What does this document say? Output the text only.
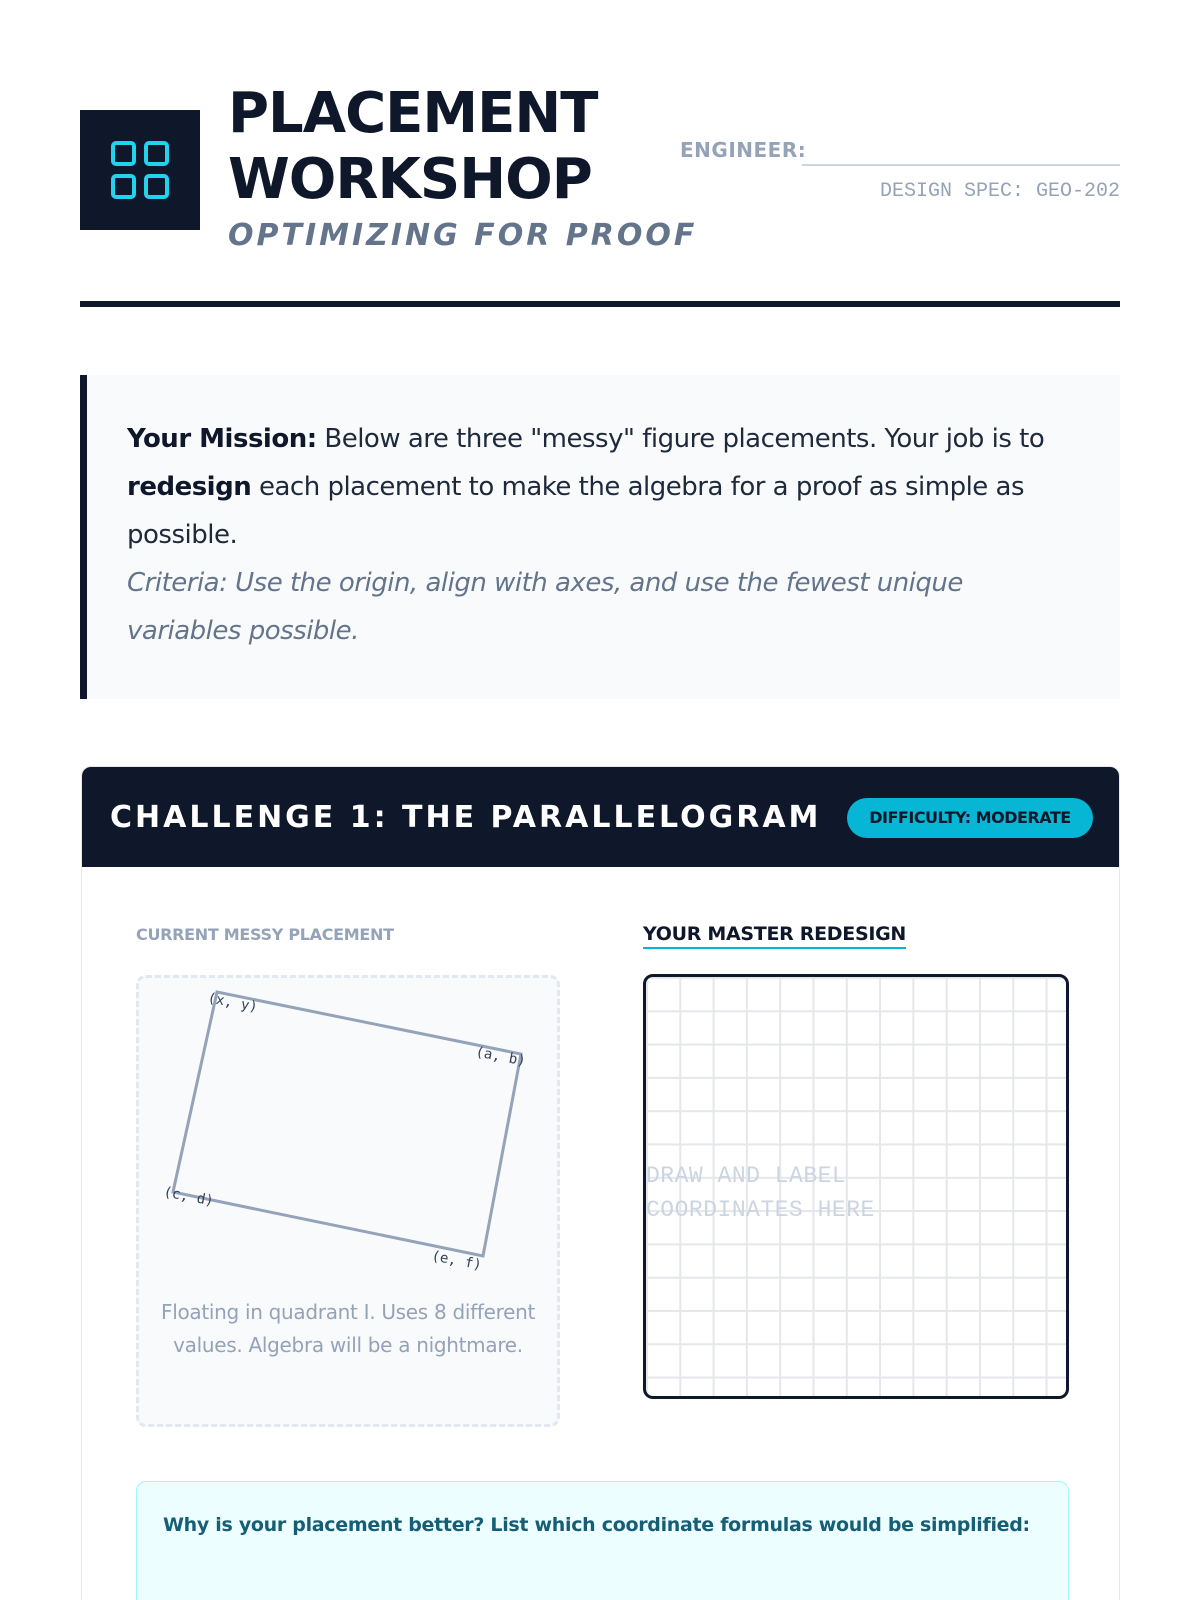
PLACEMENT
WORKSHOP
OPTIMIZING FOR PROOF
ENGINEER:
DESIGN SPEC: GEO-202

Your Mission: Below are three "messy" figure placements. Your job is to redesign each placement to make the algebra for a proof as simple as possible.

Criteria: Use the origin, align with axes, and use the fewest unique variables possible.

CHALLENGE 1: THE PARALLELOGRAM	DIFFICULTY: MODERATE
CURRENT MESSY PLACEMENT	YOUR MASTER REDESIGN
(x, y)
(a, b)
(c, d)
(e, f)
Floating in quadrant I. Uses 8 different values. Algebra will be a nightmare.
DRAW AND LABEL COORDINATES HERE
Why is your placement better? List which coordinate formulas would be simplified:
